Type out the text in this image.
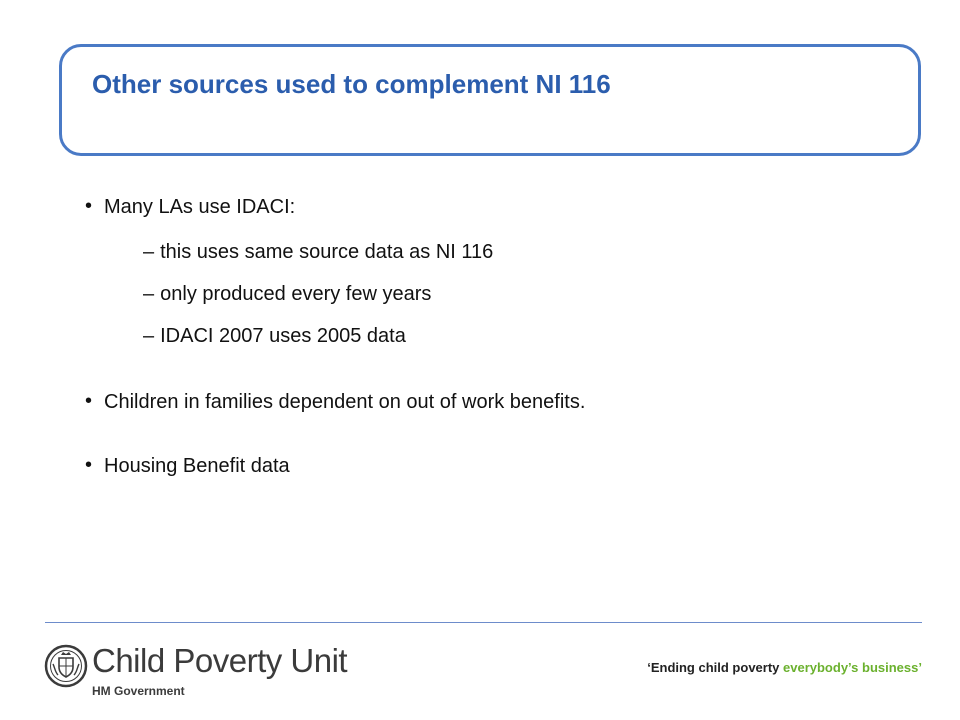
Other sources used to complement NI 116
• Many LAs use IDACI:
– this uses same source data as NI 116
– only produced every few years
– IDACI 2007 uses 2005 data
• Children in families dependent on out of work benefits.
• Housing Benefit data
Child Poverty Unit
HM Government
‘Ending child poverty everybody’s business’
